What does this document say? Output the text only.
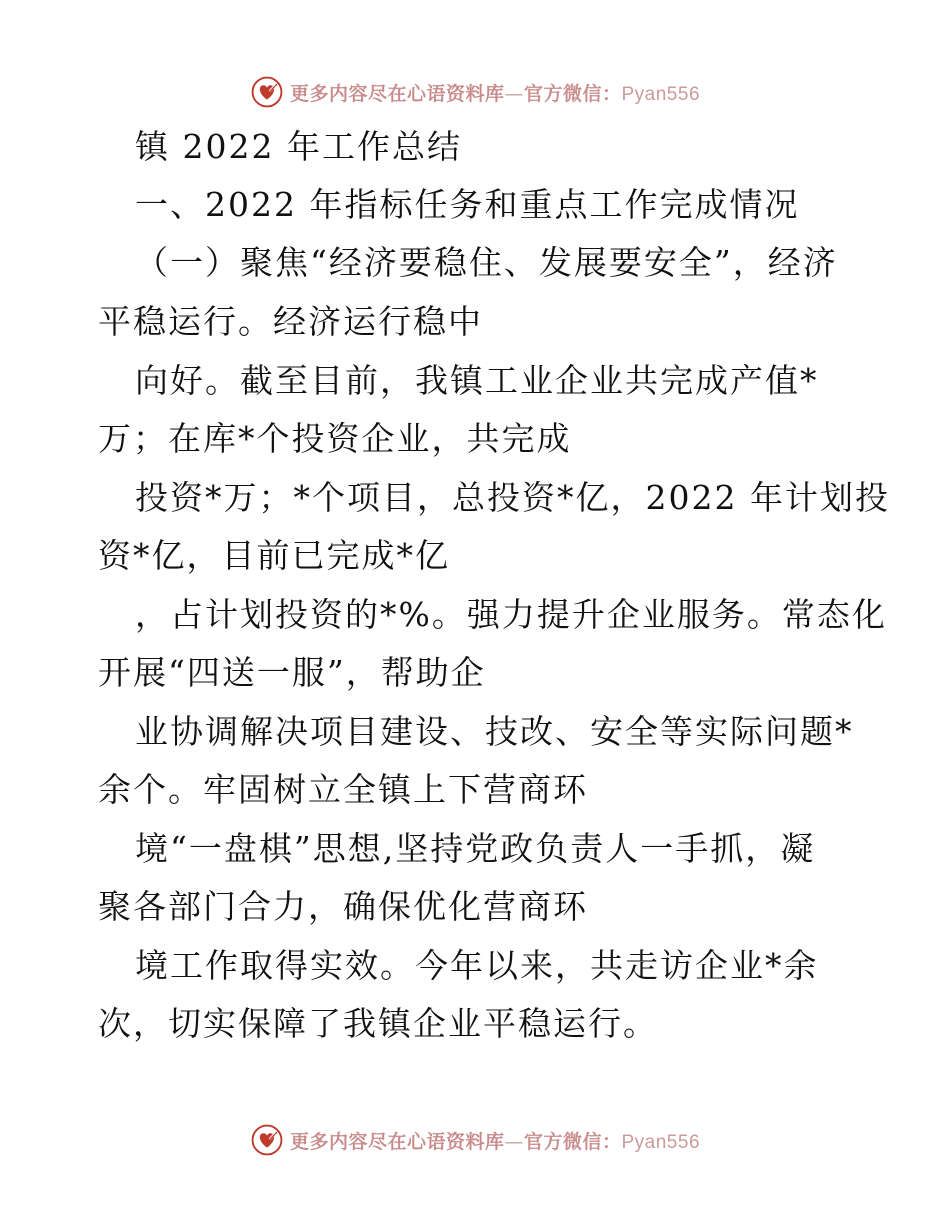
更多内容尽在心语资料库—官方微信：Pyan556

镇 2022 年工作总结

一、2022 年指标任务和重点工作完成情况

（一）聚焦“经济要稳住、发展要安全”，经济

平稳运行。经济运行稳中

向好。截至目前，我镇工业企业共完成产值*

万；在库*个投资企业，共完成

投资*万；*个项目，总投资*亿，2022 年计划投

资*亿，目前已完成*亿

，占计划投资的*%。强力提升企业服务。常态化

开展“四送一服”，帮助企

业协调解决项目建设、技改、安全等实际问题*

余个。牢固树立全镇上下营商环

境“一盘棋”思想,坚持党政负责人一手抓，凝

聚各部门合力，确保优化营商环

境工作取得实效。今年以来，共走访企业*余

次，切实保障了我镇企业平稳运行。

更多内容尽在心语资料库—官方微信：Pyan556
